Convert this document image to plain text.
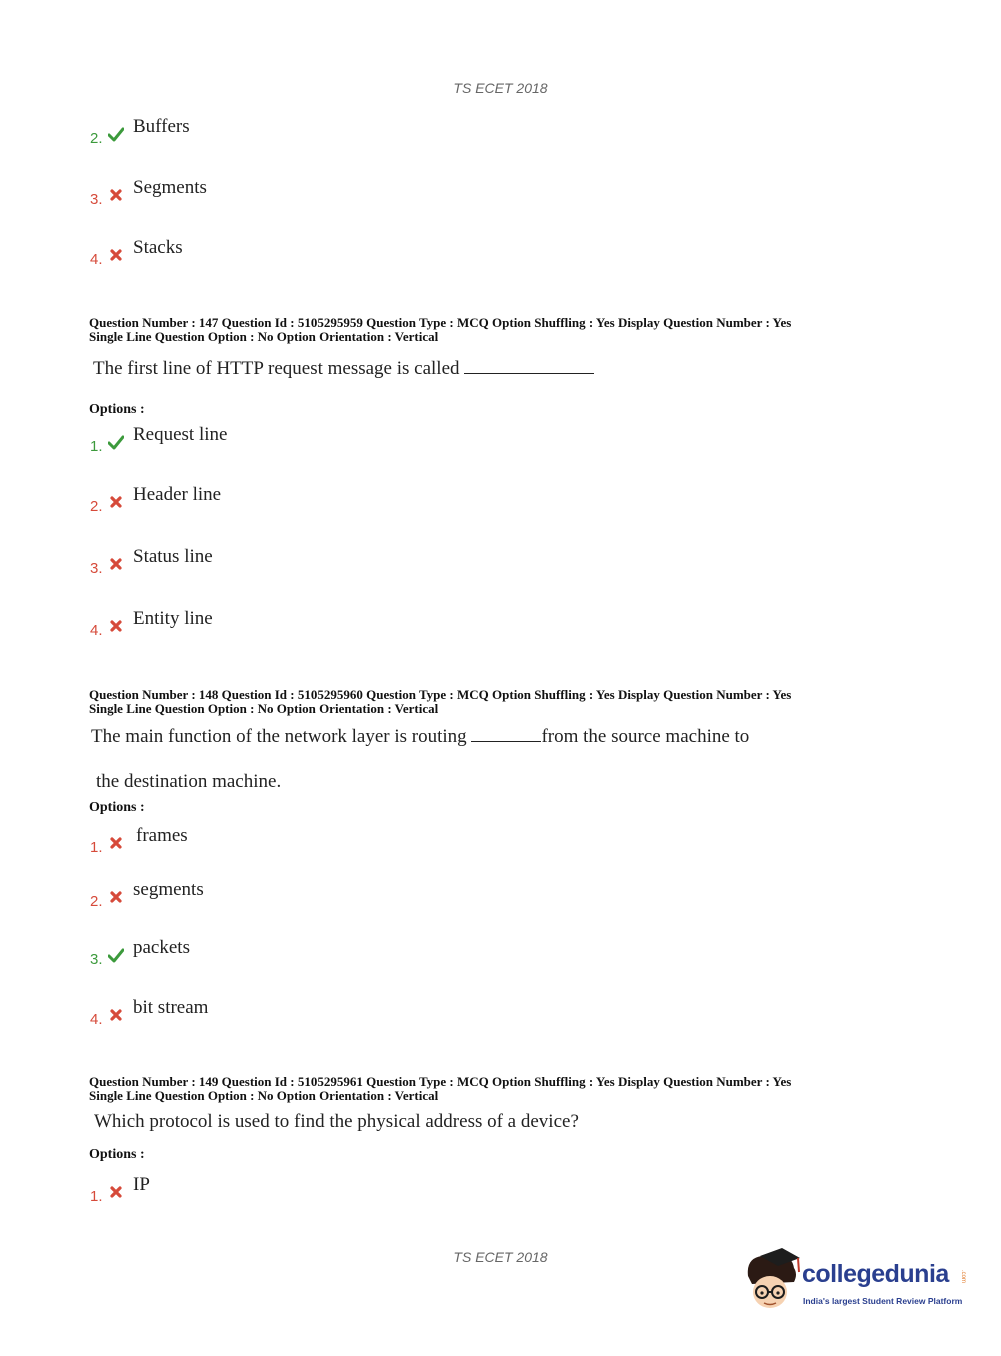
TS ECET 2018
2.
Buffers
3.
Segments
4.
Stacks
Question Number : 147 Question Id : 5105295959 Question Type : MCQ Option Shuffling : Yes Display Question Number : Yes
Single Line Question Option : No Option Orientation : Vertical
The first line of HTTP request message is called
Options :
1.
Request line
2.
Header line
3.
Status line
4.
Entity line
Question Number : 148 Question Id : 5105295960 Question Type : MCQ Option Shuffling : Yes Display Question Number : Yes
Single Line Question Option : No Option Orientation : Vertical
The main function of the network layer is routing	from the source machine to
the destination machine.
Options :
1.
frames
2.
segments
3.
packets
4.
bit stream
Question Number : 149 Question Id : 5105295961 Question Type : MCQ Option Shuffling : Yes Display Question Number : Yes
Single Line Question Option : No Option Orientation : Vertical
Which protocol is used to find the physical address of a device?
Options :
1.
IP
TS ECET 2018
collegedunia .com
India's largest Student Review Platform
